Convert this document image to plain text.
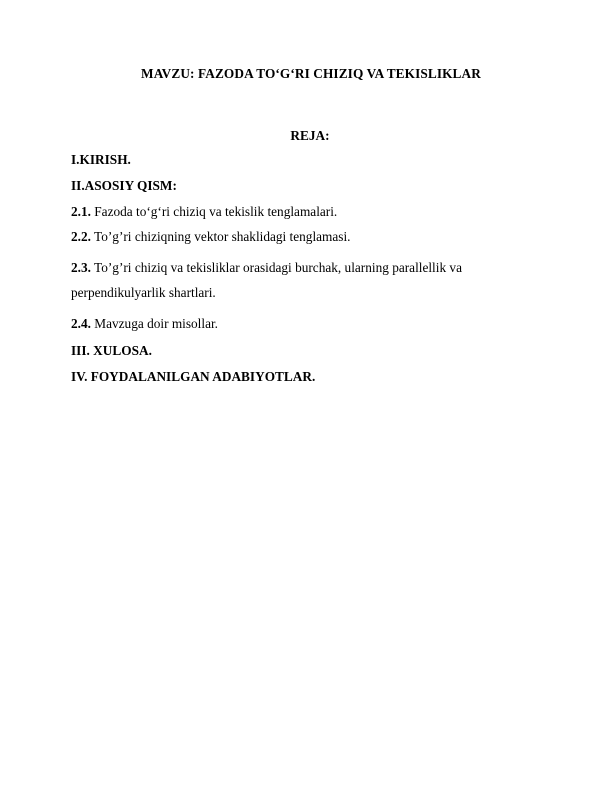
MAVZU: FAZODA TO‘G‘RI CHIZIQ VA TEKISLIKLAR
REJA:
I.KIRISH.
II.ASOSIY QISM:
2.1. Fazoda to‘g‘ri chiziq va tekislik tenglamalari.
2.2. To’g’ri chiziqning vektor shaklidagi tenglamasi.
2.3. To’g’ri chiziq va tekisliklar orasidagi burchak, ularning parallellik va perpendikulyarlik shartlari.
2.4. Mavzuga doir misollar.
III. XULOSA.
IV. FOYDALANILGAN ADABIYOTLAR.
